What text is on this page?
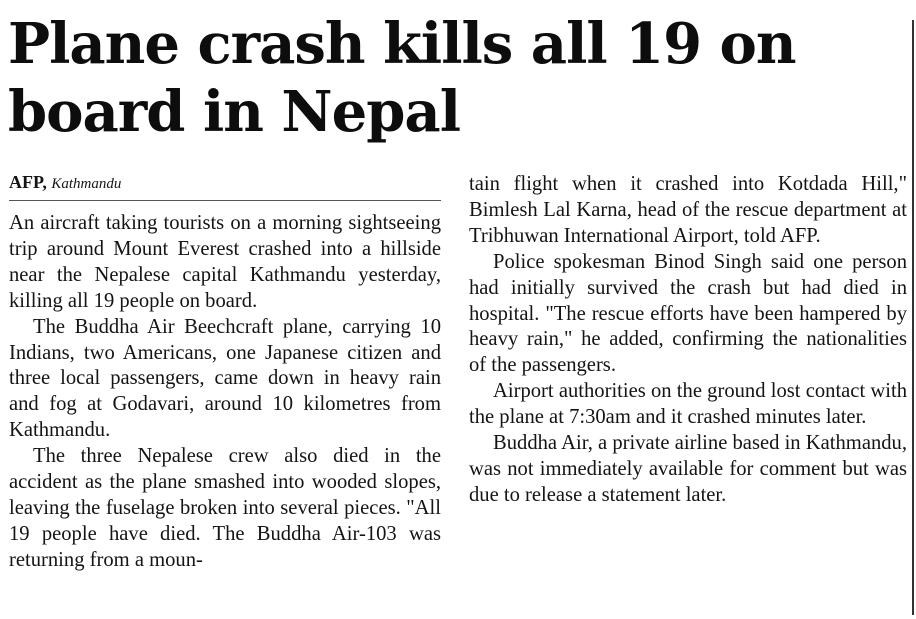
Plane crash kills all 19 on
board in Nepal
AFP, Kathmandu

An aircraft taking tourists on a morning sightseeing trip around Mount Everest crashed into a hillside near the Nepalese capital Kathmandu yesterday, killing all 19 people on board.

The Buddha Air Beechcraft plane, carrying 10 Indians, two Americans, one Japanese citizen and three local passengers, came down in heavy rain and fog at Godavari, around 10 kilometres from Kathmandu.

The three Nepalese crew also died in the accident as the plane smashed into wooded slopes, leaving the fuselage broken into several pieces. "All 19 people have died. The Buddha Air-103 was returning from a moun-

tain flight when it crashed into Kotdada Hill," Bimlesh Lal Karna, head of the rescue department at Tribhuwan International Airport, told AFP.

Police spokesman Binod Singh said one person had initially survived the crash but had died in hospital. "The rescue efforts have been hampered by heavy rain," he added, confirming the nationalities of the passengers.

Airport authorities on the ground lost contact with the plane at 7:30am and it crashed minutes later.

Buddha Air, a private airline based in Kathmandu, was not immediately available for comment but was due to release a statement later.
